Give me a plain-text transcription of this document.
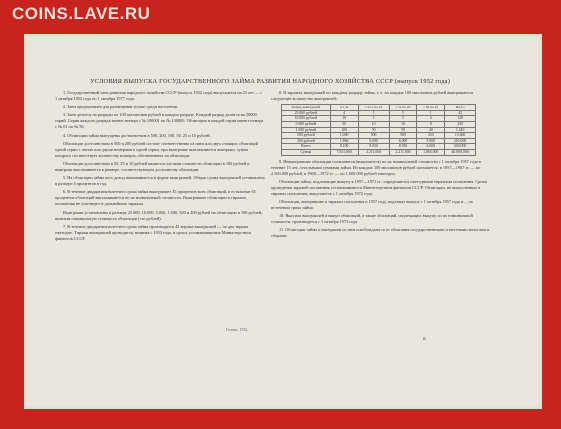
COINS.LAVE.RU
УСЛОВИЯ ВЫПУСКА ГОСУДАРСТВЕННОГО ЗАЙМА РАЗВИТИЯ НАРОДНОГО ХОЗЯЙСТВА СССР (выпуск 1952 года)

1. Государственный заем развития народного хозяйства СССР (выпуск 1952 года) выпускается на 25 лет — с 1 октября 1952 года по 1 октября 1977 года.

2. Заем предназначен для размещения только среди населения.

3. Заем делится на разряды по 100 миллионов рублей в каждом разряде. Каждый разряд делится на 20000 серий. Серии каждого разряда имеют номера с № 100001 по № 140000. Облигации в каждой серии имеют номера с № 01 по № 50.

4. Облигации займа выпущены достоинством в 500, 200, 100, 50, 25 и 10 рублей.

Облигации достоинством в 500 и 200 рублей состоят соответственно из пяти или двух стоящих облигаций одной серии с пятью или двумя номерами в одной серии, при выигрыше выплачивается выигрыш, сумма которого соответствует количеству номеров, обозначенных на облигации.

Облигации достоинством в 50, 25 и 10 рублей являются частями стоимости облигации в 100 рублей и выигрыш выплачивается в размере, соответствующем достоинству облигации.

5. На облигации займа весь доход выплачивается в форме выигрышей. Общая сумма выигрышей установлена в размере 4 процентов в год.

6. В течение двадцатипятилетнего срока займа выигрывает 35 процентов всех облигаций, в остальные 65 процентов облигаций выплачиваются по их номинальной стоимости. Выигравшие облигации в тиражах погашения не участвуют в дальнейших тиражах.

Выигрыши установлены в размере 25.000, 10.000, 5.000, 1.000, 500 и 200 рублей на облигацию в 100 рублей, включая номинальную стоимость облигации (сто рублей).

7. В течение двадцатипятилетнего срока займа производятся 42 тиража выигрышей — по два тиража ежегодно. Тиражи выигрышей проводятся, начиная с 1953 года, в сроки, устанавливаемые Министерством финансов СССР.

8. В тиражах выигрышей по каждому разряду займа, т. е. на каждые 100 миллионов рублей выигрывается следующее количество выигрышей:

Размер выигрышей	в 1-м	с 2-го по 10	с 11 по 25	с 26 по 42	Итого
25.000 рублей	4	1	1	1	42
10.000 рублей	10	5	5	4	120
5.000 рублей	20	10	10	8	245
1.000 рублей	100	50	50	40	1.440
500 рублей	1.000	500	500	450	15.600
200 рублей	1.866	6.000	6.000	5.000	265.000
Всего	8.100	8.050	8.050	6.000	300.000
Сумма	7.931.000	2.211.000	2.211.000	1.865.000	40.000.000

9. Невыигравшие облигации погашаются (выкупаются) по их номинальной стоимости с 1 октября 1957 года в течение 15 лет, остальными суммами займа. Из каждых 100 миллионов рублей погашается: в 1957—1967 гг. — по 2.500.000 рублей, в 1968—1972 гг. — по 1.600.000 рублей ежегодно.

Облигации займа, подлежащие выкупу в 1957—1971 гг., определяются ежегодными тиражами погашения. Сроки проведения тиражей погашения устанавливаются Министерством финансов СССР. Облигации, не выкупленные в тиражах погашения, выкупаются с 1 октября 1972 года.

Облигации, выигравшие в тиражах погашения в 1957 году, подлежат выкупу с 1 октября 1957 года и ... по истечении срока займа.

10. Выплата выигрышей и выкуп облигаций, а также облигаций, подлежащих выкупу по их номинальной стоимости, производятся с 1 октября 1973 года.

11. Облигации займа и выигрыши по ним освобождаются от облагания государственными и местными налогами и сборами.

Гознак. 1952.
В
